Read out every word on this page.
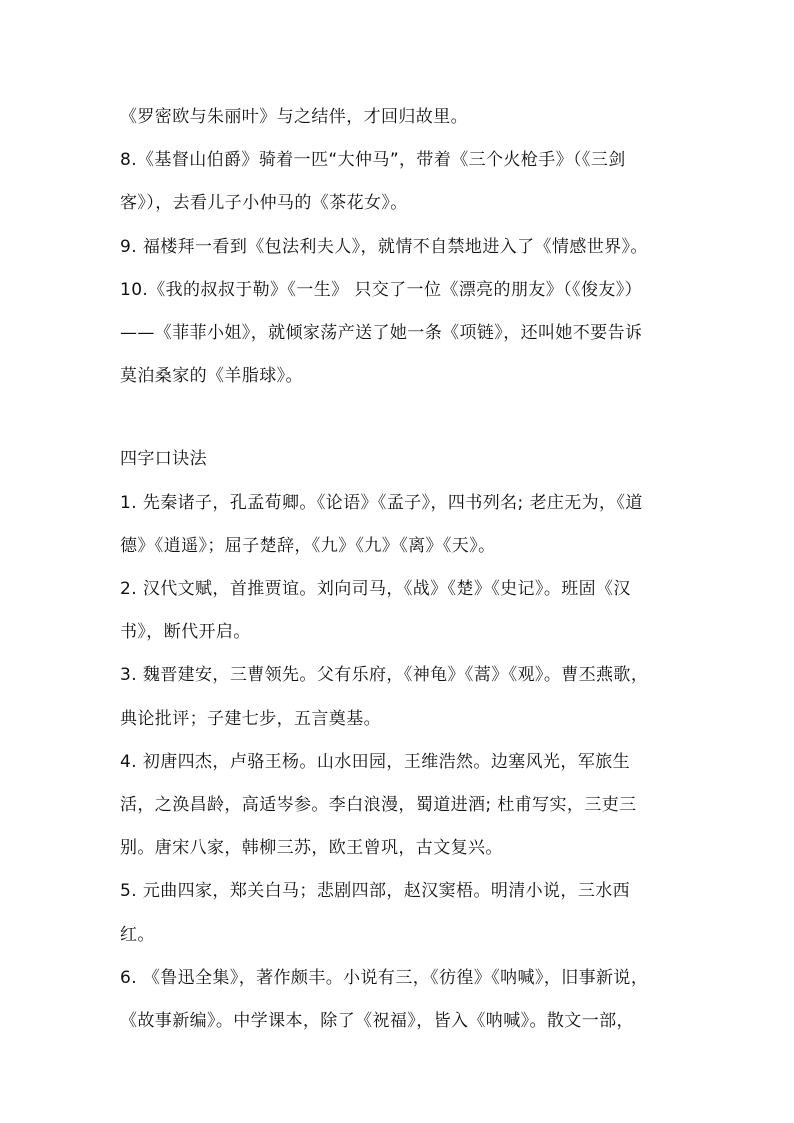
《罗密欧与朱丽叶》与之结伴，才回归故里。

8.《基督山伯爵》骑着一匹“大仲马”，带着《三个火枪手》（《三剑

客》），去看儿子小仲马的《茶花女》。

9. 福楼拜一看到《包法利夫人》，就情不自禁地进入了《情感世界》。

10.《我的叔叔于勒》《一生》 只交了一位《漂亮的朋友》（《俊友》）

——《菲菲小姐》，就倾家荡产送了她一条《项链》，还叫她不要告诉

莫泊桑家的《羊脂球》。

四字口诀法

1. 先秦诸子，孔孟荀卿。《论语》《孟子》，四书列名; 老庄无为，《道

德》《逍遥》；屈子楚辞，《九》《九》《离》《天》。

2. 汉代文赋，首推贾谊。刘向司马，《战》《楚》《史记》。班固《汉

书》，断代开启。

3. 魏晋建安，三曹领先。父有乐府，《神龟》《蒿》《观》。曹丕燕歌，

典论批评；子建七步，五言奠基。

4. 初唐四杰，卢骆王杨。山水田园，王维浩然。边塞风光，军旅生

活，之涣昌龄，高适岑参。李白浪漫，蜀道进酒; 杜甫写实，三吏三

别。唐宋八家，韩柳三苏，欧王曾巩，古文复兴。

5. 元曲四家，郑关白马；悲剧四部，赵汉窦梧。明清小说，三水西

红。

6. 《鲁迅全集》，著作颇丰。小说有三，《彷徨》《呐喊》，旧事新说，

《故事新编》。中学课本，除了《祝福》，皆入《呐喊》。散文一部，
